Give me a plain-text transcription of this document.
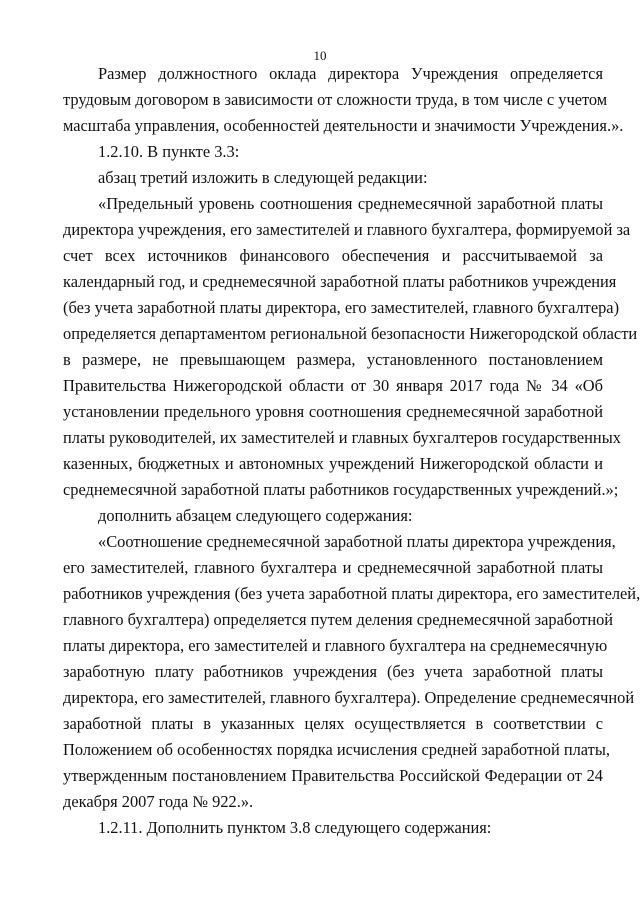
10
Размер должностного оклада директора Учреждения определяется
трудовым договором в зависимости от сложности труда, в том числе с учетом
масштаба управления, особенностей деятельности и значимости Учреждения.».
1.2.10. В пункте 3.3:
абзац третий изложить в следующей редакции:
«Предельный уровень соотношения среднемесячной заработной платы
директора учреждения, его заместителей и главного бухгалтера, формируемой за
счет всех источников финансового обеспечения и рассчитываемой за
календарный год, и среднемесячной заработной платы работников учреждения
(без учета заработной платы директора, его заместителей, главного бухгалтера)
определяется департаментом региональной безопасности Нижегородской области
в размере, не превышающем размера, установленного постановлением
Правительства Нижегородской области от 30 января 2017 года № 34 «Об
установлении предельного уровня соотношения среднемесячной заработной
платы руководителей, их заместителей и главных бухгалтеров государственных
казенных, бюджетных и автономных учреждений Нижегородской области и
среднемесячной заработной платы работников государственных учреждений.»;
дополнить абзацем следующего содержания:
«Соотношение среднемесячной заработной платы директора учреждения,
его заместителей, главного бухгалтера и среднемесячной заработной платы
работников учреждения (без учета заработной платы директора, его заместителей,
главного бухгалтера) определяется путем деления среднемесячной заработной
платы директора, его заместителей и главного бухгалтера на среднемесячную
заработную плату работников учреждения (без учета заработной платы
директора, его заместителей, главного бухгалтера). Определение среднемесячной
заработной платы в указанных целях осуществляется в соответствии с
Положением об особенностях порядка исчисления средней заработной платы,
утвержденным постановлением Правительства Российской Федерации от 24
декабря 2007 года № 922.».
1.2.11. Дополнить пунктом 3.8 следующего содержания:
